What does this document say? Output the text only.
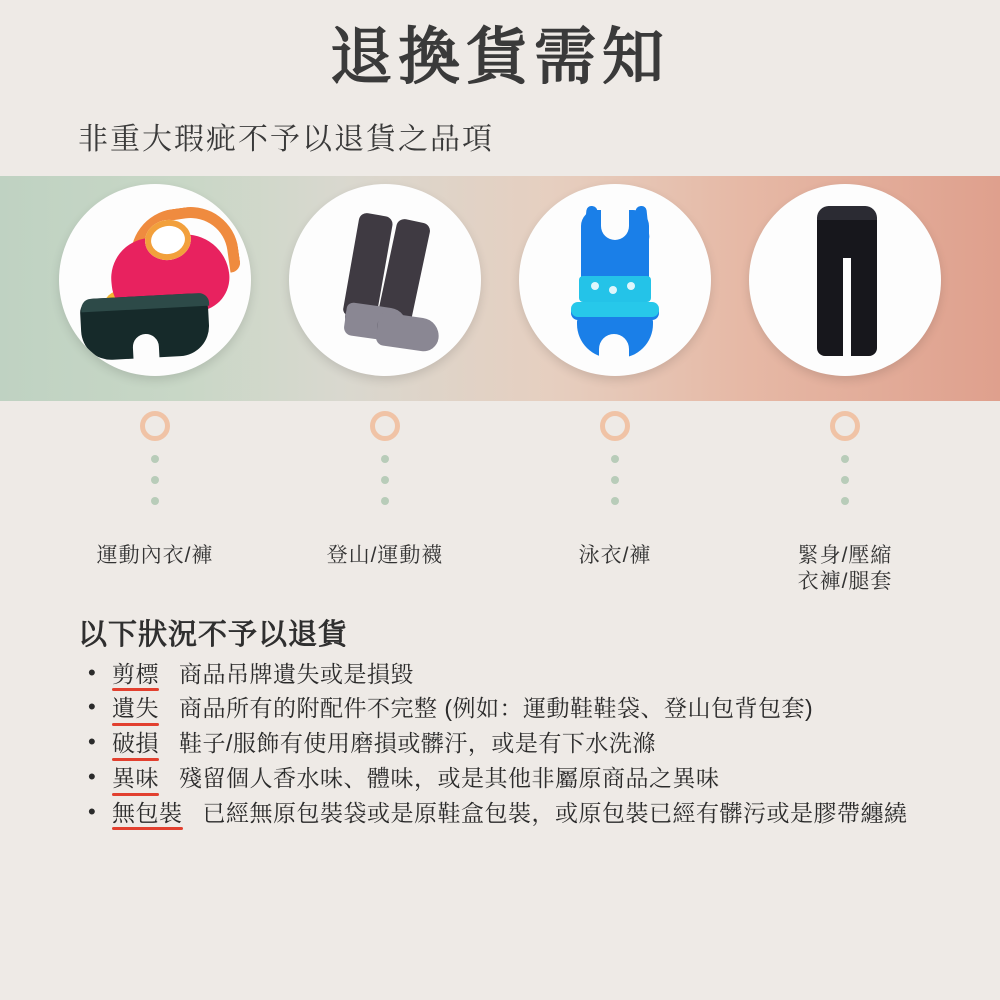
退換貨需知
非重大瑕疵不予以退貨之品項
運動內衣/褲	登山/運動襪	泳衣/褲	緊身/壓縮
衣褲/腿套
以下狀況不予以退貨
• 剪標 商品吊牌遺失或是損毀
• 遺失 商品所有的附配件不完整 (例如：運動鞋鞋袋、登山包背包套)
• 破損 鞋子/服飾有使用磨損或髒汙，或是有下水洗滌
• 異味 殘留個人香水味、體味，或是其他非屬原商品之異味
• 無包裝 已經無原包裝袋或是原鞋盒包裝，或原包裝已經有髒污或是膠帶纏繞
